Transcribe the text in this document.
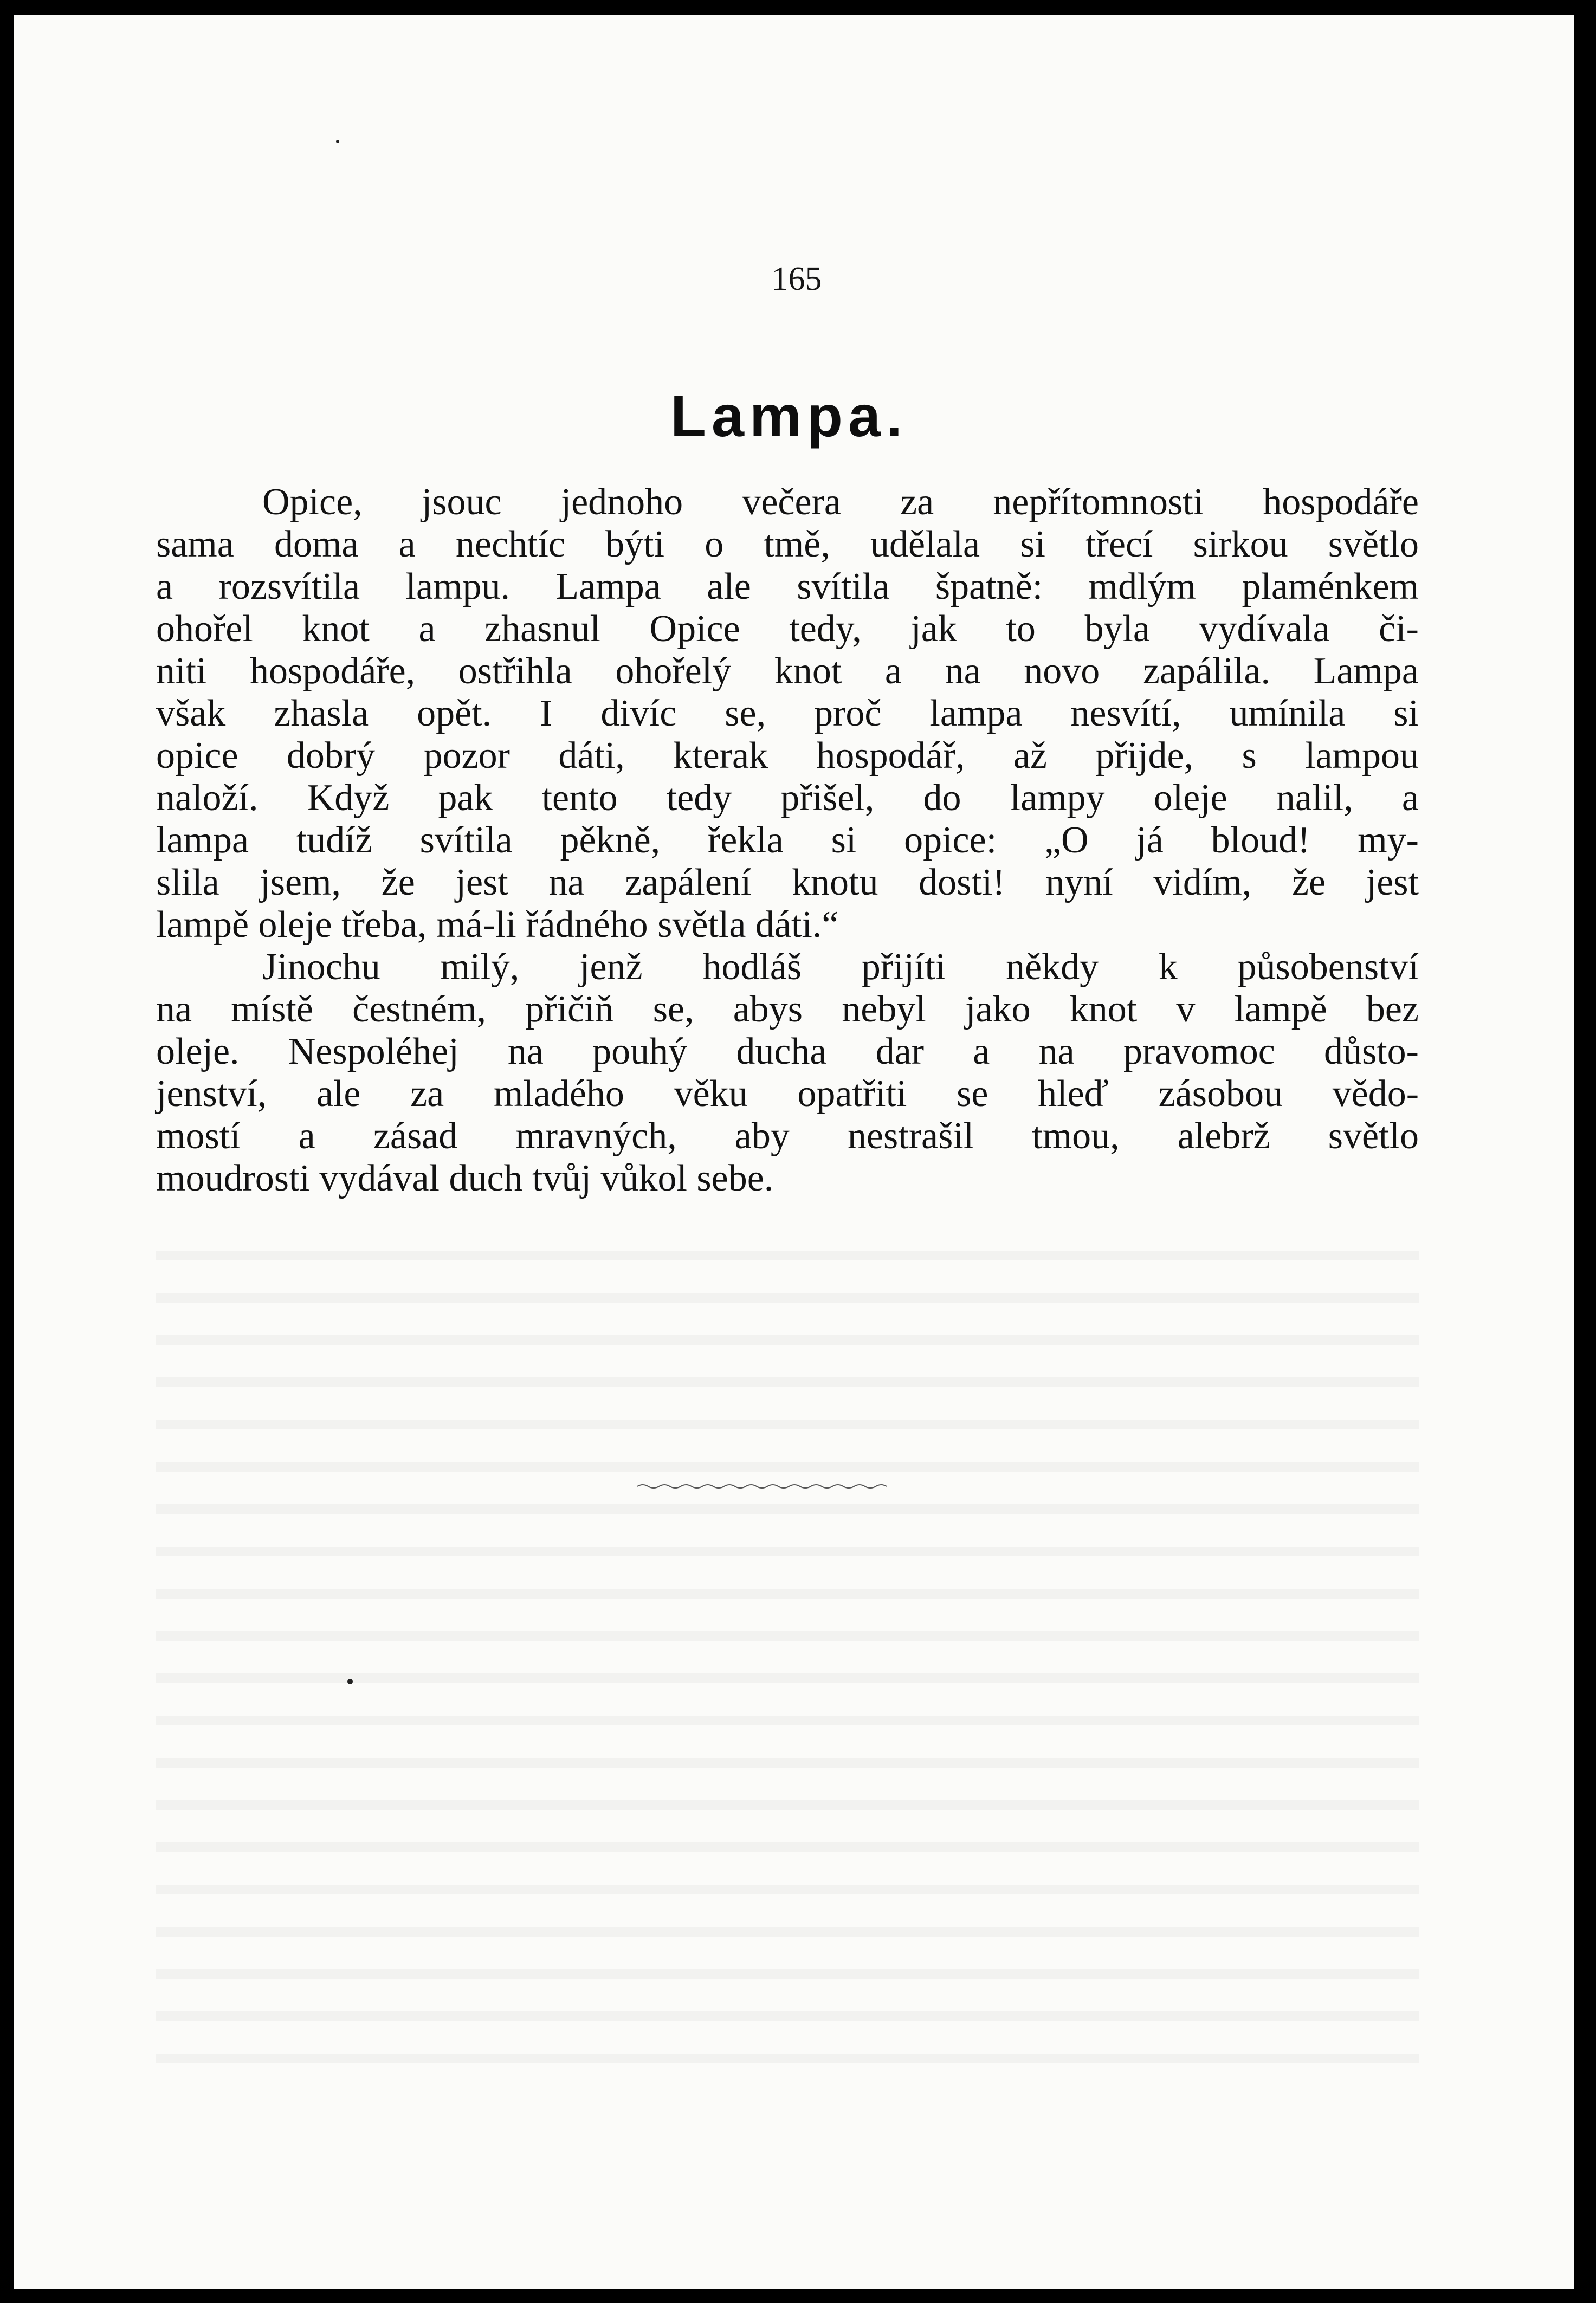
165
Lampa.
Opice, jsouc jednoho večera za nepřítomnosti hospodáře
sama doma a nechtíc býti o tmě, udělala si třecí sirkou světlo
a rozsvítila lampu. Lampa ale svítila špatně: mdlým plaménkem
ohořel knot a zhasnul Opice tedy, jak to byla vydívala či-
niti hospodáře, ostřihla ohořelý knot a na novo zapálila. Lampa
však zhasla opět. I divíc se, proč lampa nesvítí, umínila si
opice dobrý pozor dáti, kterak hospodář, až přijde, s lampou
naloží. Když pak tento tedy přišel, do lampy oleje nalil, a
lampa tudíž svítila pěkně, řekla si opice: „O já bloud! my-
slila jsem, že jest na zapálení knotu dosti! nyní vidím, že jest
lampě oleje třeba, má-li řádného světla dáti.“
Jinochu milý, jenž hodláš přijíti někdy k působenství
na místě čestném, přičiň se, abys nebyl jako knot v lampě bez
oleje. Nespoléhej na pouhý ducha dar a na pravomoc důsto-
jenství, ale za mladého věku opatřiti se hleď zásobou vědo-
mostí a zásad mravných, aby nestrašil tmou, alebrž světlo
moudrosti vydával duch tvůj vůkol sebe.
